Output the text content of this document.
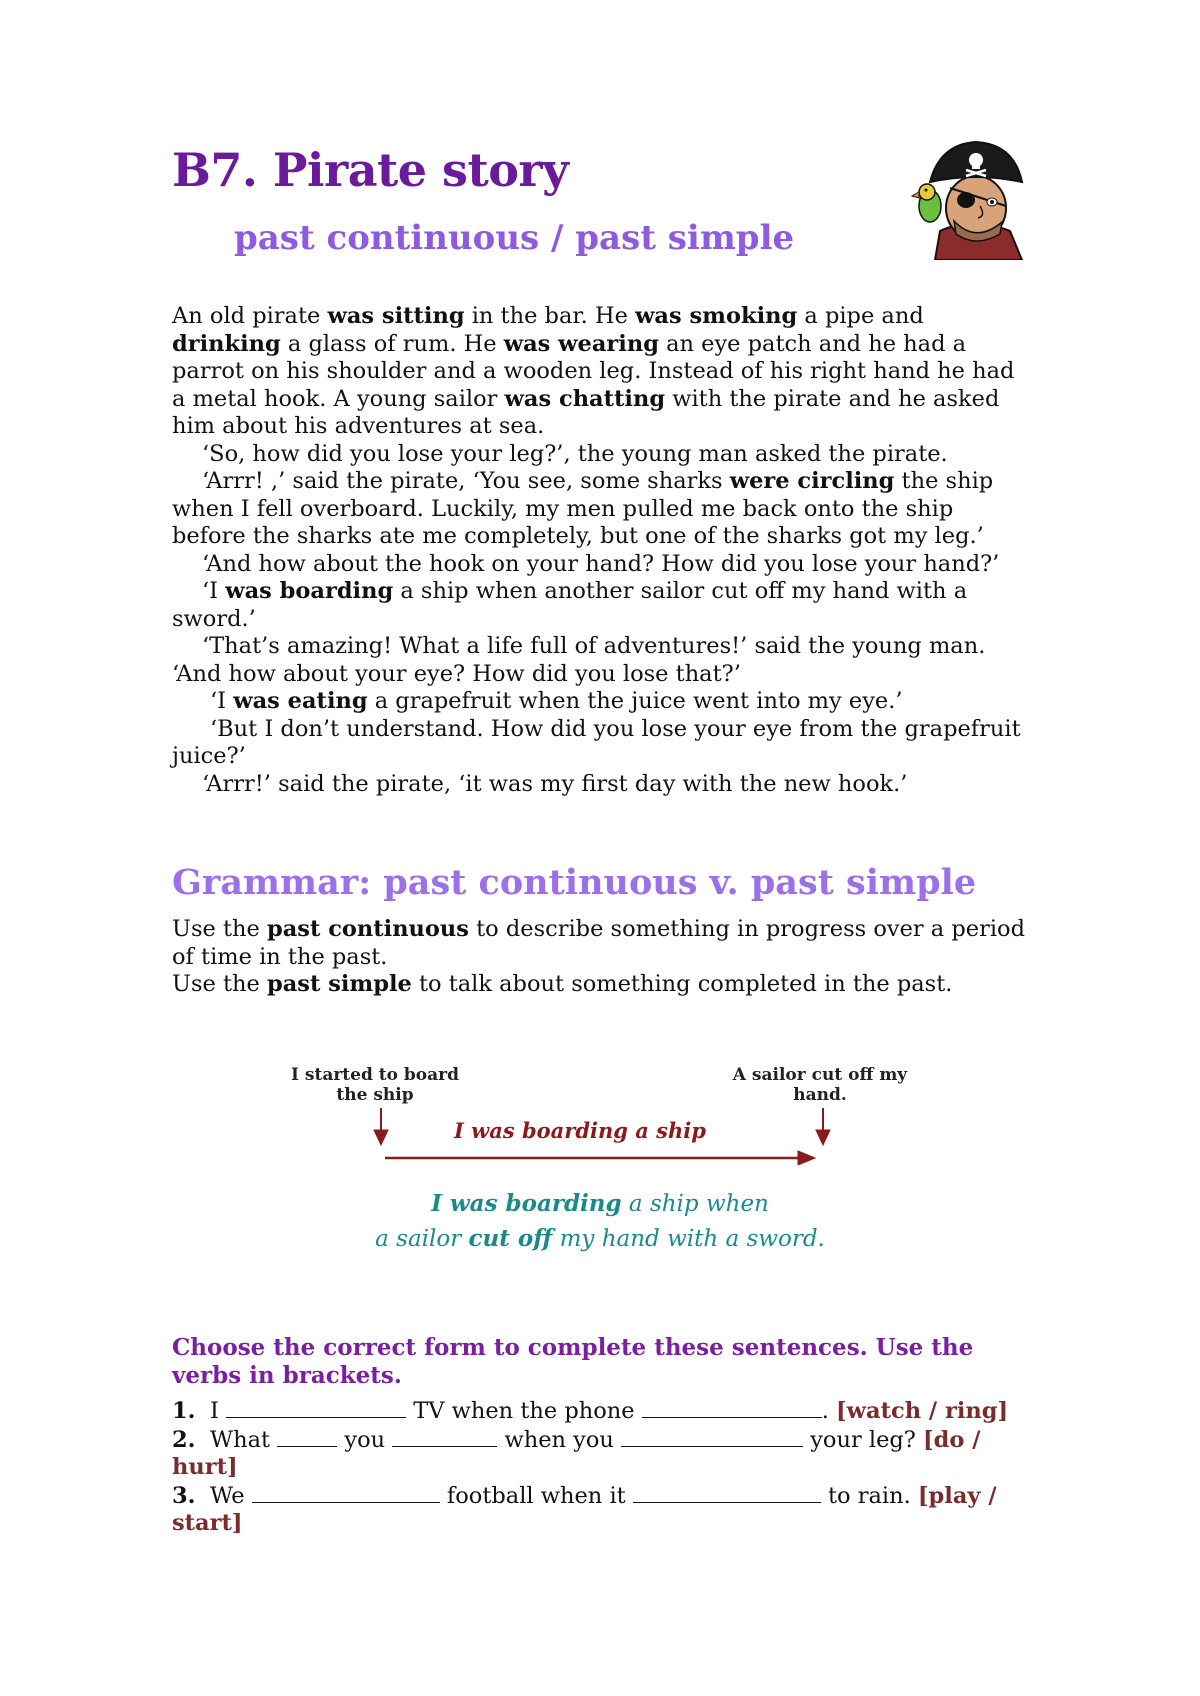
B7. Pirate story
past continuous / past simple

An old pirate was sitting in the bar. He was smoking a pipe and drinking a glass of rum. He was wearing an eye patch and he had a parrot on his shoulder and a wooden leg. Instead of his right hand he had a metal hook. A young sailor was chatting with the pirate and he asked him about his adventures at sea.

‘So, how did you lose your leg?’, the young man asked the pirate.

‘Arrr! ,’ said the pirate, ‘You see, some sharks were circling the ship when I fell overboard. Luckily, my men pulled me back onto the ship before the sharks ate me completely, but one of the sharks got my leg.’

‘And how about the hook on your hand? How did you lose your hand?’

‘I was boarding a ship when another sailor cut off my hand with a sword.’

‘That’s amazing! What a life full of adventures!’ said the young man. ‘And how about your eye? How did you lose that?’

‘I was eating a grapefruit when the juice went into my eye.’

‘But I don’t understand. How did you lose your eye from the grapefruit juice?’

‘Arrr!’ said the pirate, ‘it was my first day with the new hook.’

Grammar: past continuous v. past simple

Use the past continuous to describe something in progress over a period of time in the past.

Use the past simple to talk about something completed in the past.

I started to board
the ship
A sailor cut off my
hand.
I was boarding a ship
I was boarding a ship when
a sailor cut off my hand with a sword.

Choose the correct form to complete these sentences. Use the verbs in brackets.

1. I	TV when the phone	. [watch / ring]

2. What	you	when you	your leg? [do / hurt]

3. We	football when it	to rain. [play / start]
